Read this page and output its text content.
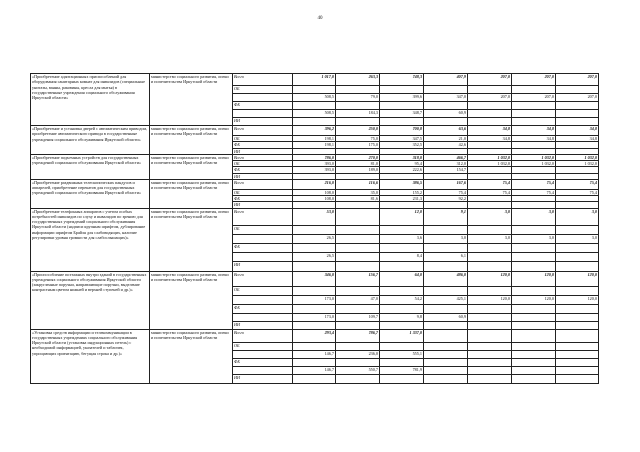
40
«Приобретение адаптационных приспособлений для оборудования санитарных комнат для инвалидов (специальные унитазы, ванны, раковины, кресла для мытья) в государственные учреждения социального обслуживания Иркутской области»	министерство социального развития, опеки и попечительства Иркутской области	Всего	1 017,0	263,3	748,3	407,9	207,0	207,0	207,0
		ОБ							
			508,5	79,0	399,6	347,0	207,0	207,0	207,0
		ФБ							
			508,5	184,3	348,7	60,9			
		ИИ							
«Приобретение и установка дверей с автоматическим приводом, приобретение автоматического привода в государственные учреждения социального обслуживания Иркутской области»	министерство социального развития, опеки и попечительства Иркутской области	Всего	396,2	250,0	700,8	63,6	34,8	34,8	34,8
		ОБ	198,1	75,0	347,5	21,0	34,8	34,8	34,8
		ФБ	198,1	175,0	352,5	42,6			
		ИИ							
«Приобретение подъемных устройств для государственных учреждений социального обслуживания Иркутской области»	министерство социального развития, опеки и попечительства Иркутской области	Всего	786,0	270,0	318,0	466,7	1 032,0	1 032,0	1 032,0
		ОБ	393,0	81,0	95,4	312,0	1 032,0	1 032,0	1 032,0
		ФБ	393,0	189,0	222,6	154,7			
		ИИ							
«Приобретение раздвижных телескопических пандусов и аппарелей, приобретение перекатов для государственных учреждений социального обслуживания Иркутской области»	министерство социального развития, опеки и попечительства Иркутской области	Всего	216,0	116,6	386,5	167,6	75,4	75,4	75,4
		ОБ	108,0	35,0	155,2	75,4	75,4	75,4	75,4
		ФБ	108,0	81,6	231,3	92,2			
		ИИ							
«Приобретение телефонных аппаратов с учетом особых потребностей инвалидов по слуху и инвалидов по зрению для государственных учреждений социального обслуживания Иркутской области (надписи крупным шрифтом, дублирование информации шрифтом Брайля для слабовидящих, наличие регулировки уровня громкости для слабослышащих)»	министерство социального развития, опеки и попечительства Иркутской области	Всего	53,0		12,0	9,1	3,0	3,0	3,0
		ОБ							
			26,5		3,6	3,0	3,0	3,0	3,0
		ФБ							
			26,5		8,4	6,1			
		ИИ							
«Приспособление поэтажных внутри зданий в государственных учреждениях социального обслуживания Иркутской области (закругленные поручни, направляющие поручни, выделение контрастным цветом нижней и верхней ступеней и др.)»	министерство социального развития, опеки и попечительства Иркутской области	Всего	346,0	156,7	64,0	486,0	120,0	120,0	120,0
		ОБ							
			173,0	47,0	54,2	425,1	120,0	120,0	120,0
		ФБ							
			173,0	109,7	9,8	60,9			
		ИИ							
«Установка средств информации и телекоммуникации в государственных учреждениях социального обслуживания Иркутской области (установка индукционных петель) с необходимой информацией, указателей и табличек, упрощающих ориентацию, бегущая строка и др.)»	министерство социального развития, опеки и попечительства Иркутской области	Всего	293,4	786,7	1 337,0				
		ОБ							
			146,7	236,0	555,1				
		ФБ							
			146,7	550,7	781,9				
		ИИ							
